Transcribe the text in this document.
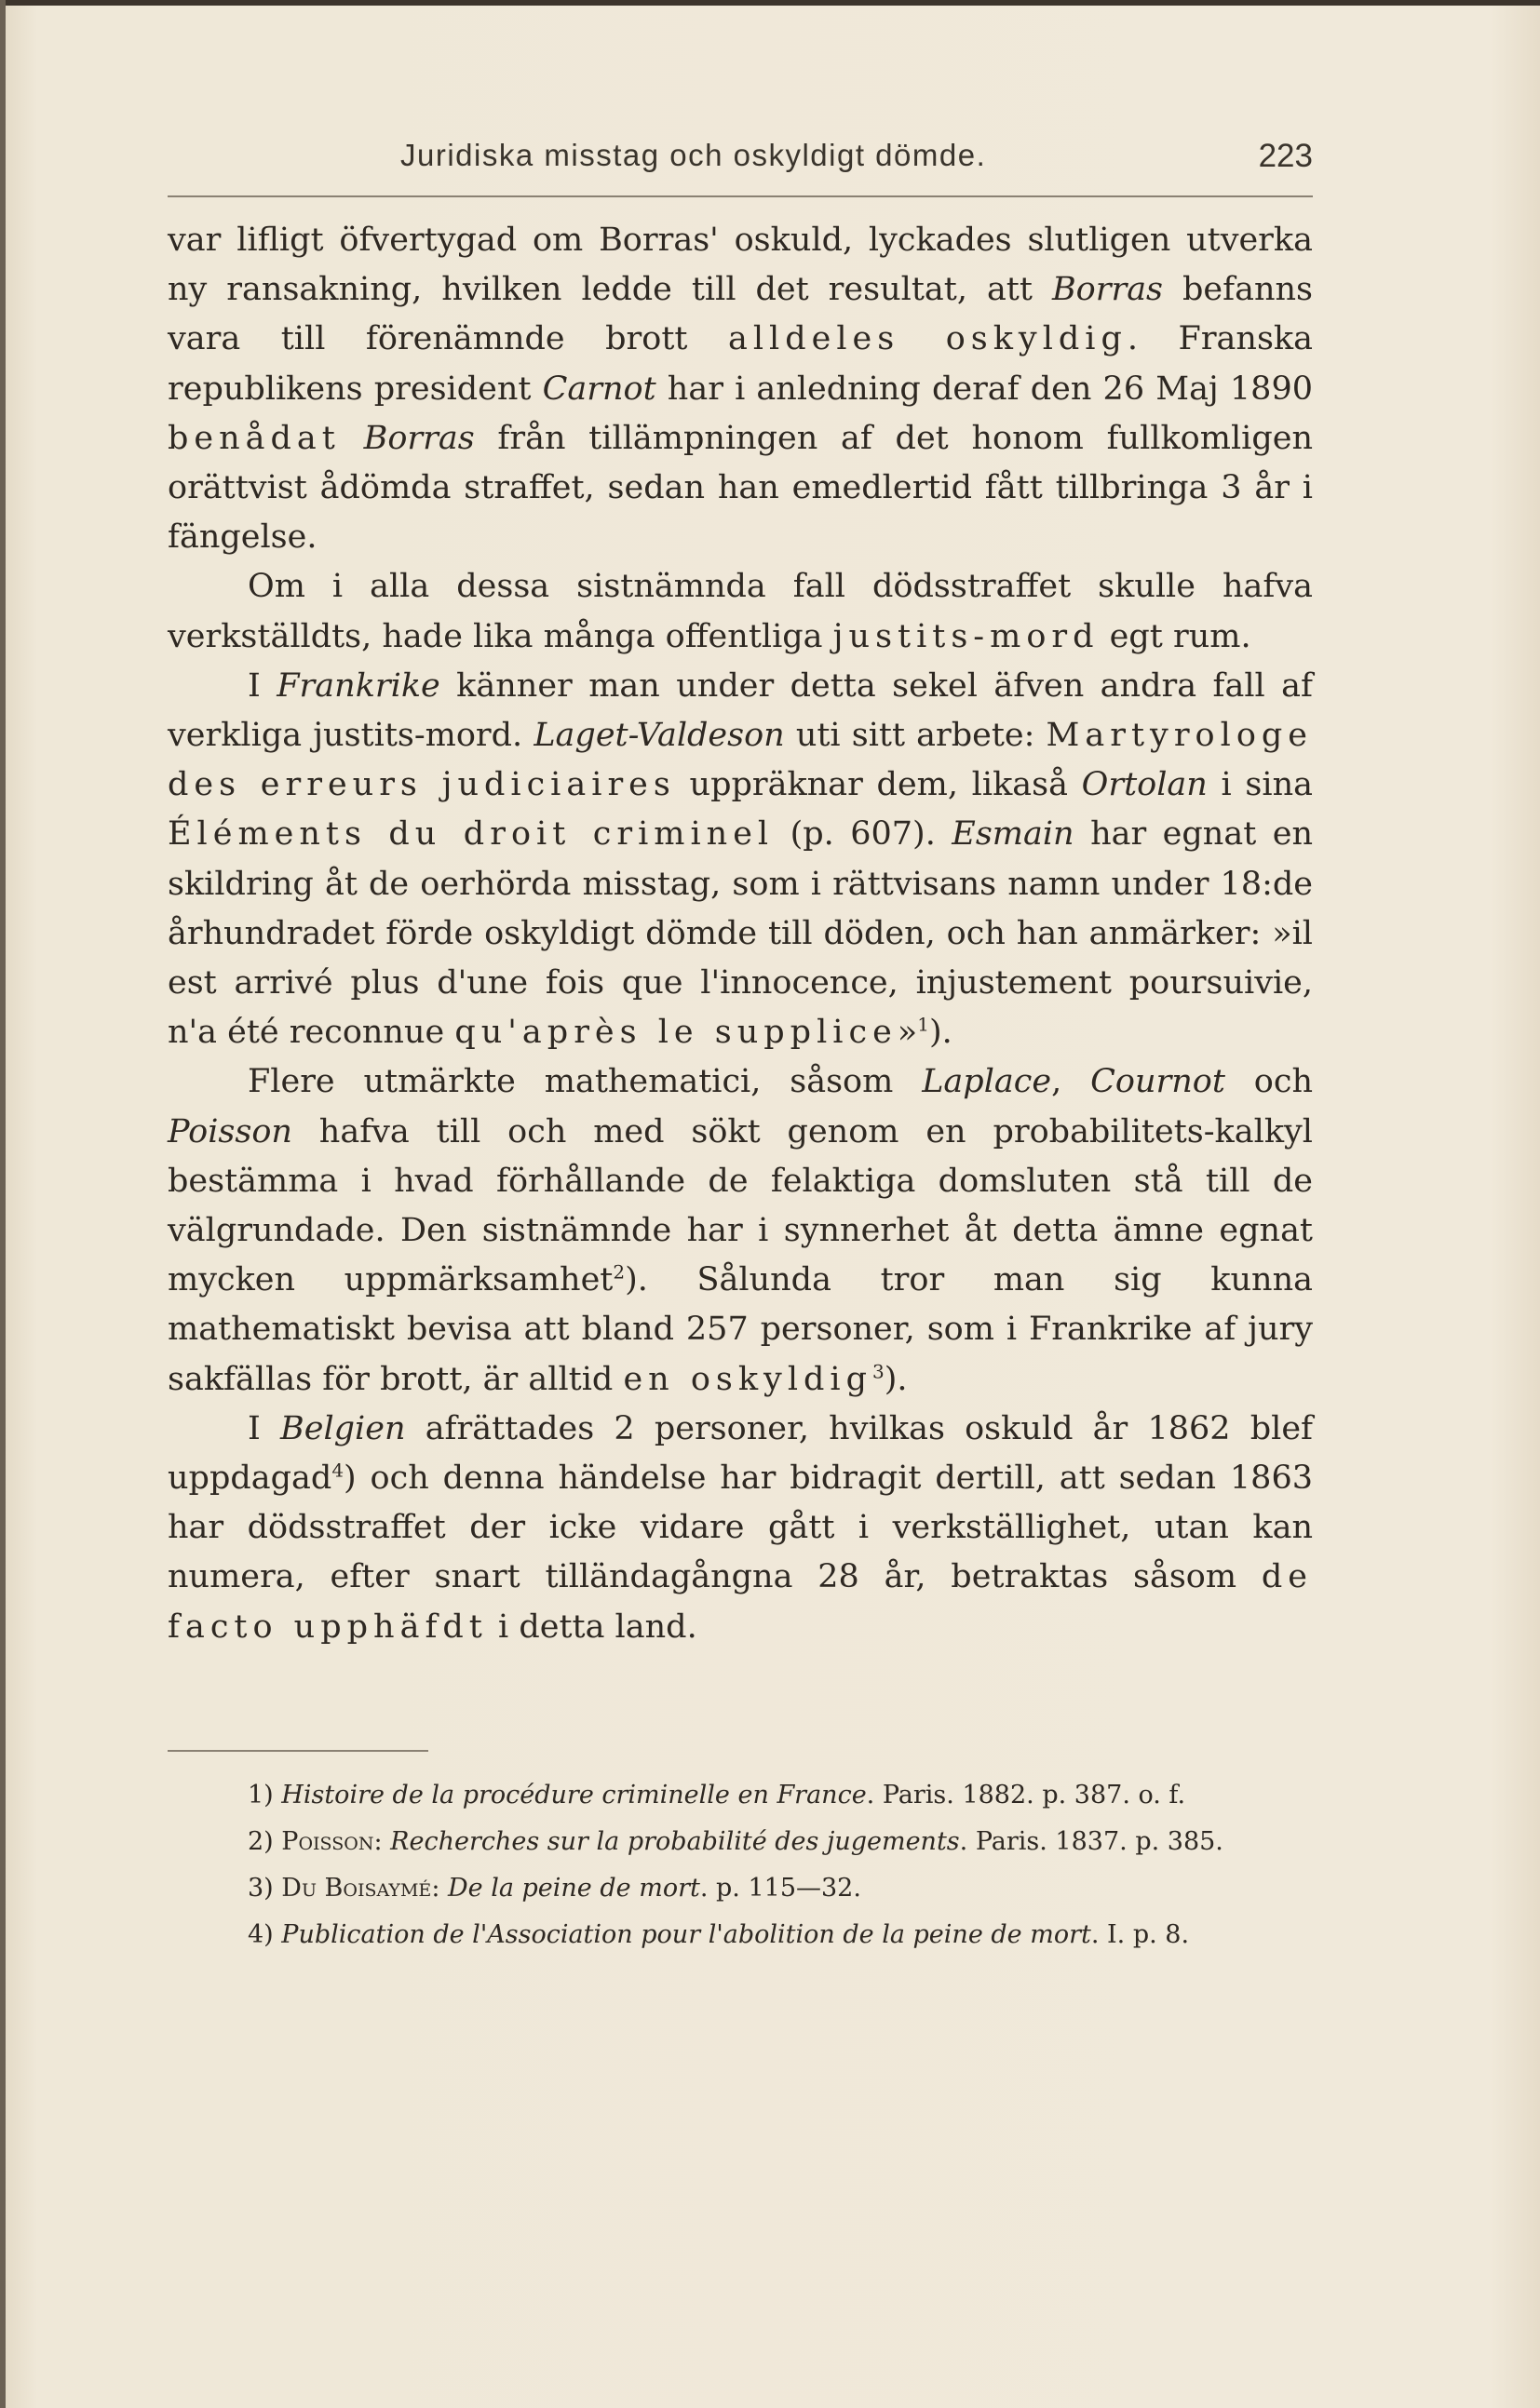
Juridiska misstag och oskyldigt dömde.	223

var lifligt öfvertygad om Borras' oskuld, lyckades slutligen utverka ny ransakning, hvilken ledde till det resultat, att Borras befanns vara till förenämnde brott alldeles oskyldig. Franska republikens president Carnot har i anledning deraf den 26 Maj 1890 benådat Borras från tillämpningen af det honom fullkomligen orättvist ådömda straffet, sedan han emedlertid fått tillbringa 3 år i fängelse.

Om i alla dessa sistnämnda fall dödsstraffet skulle hafva verkställdts, hade lika många offentliga justits-mord egt rum.

I Frankrike känner man under detta sekel äfven andra fall af verkliga justits-mord. Laget-Valdeson uti sitt arbete: Martyrologe des erreurs judiciaires uppräknar dem, likaså Ortolan i sina Éléments du droit criminel (p. 607). Esmain har egnat en skildring åt de oerhörda misstag, som i rättvisans namn under 18:de århundradet förde oskyldigt dömde till döden, och han anmärker: »il est arrivé plus d'une fois que l'innocence, injustement poursuivie, n'a été reconnue qu'après le supplice»$^1$).

Flere utmärkte mathematici, såsom Laplace, Cournot och Poisson hafva till och med sökt genom en probabilitets-kalkyl bestämma i hvad förhållande de felaktiga domsluten stå till de välgrundade. Den sistnämnde har i synnerhet åt detta ämne egnat mycken uppmärksamhet$^2$). Sålunda tror man sig kunna mathematiskt bevisa att bland 257 personer, som i Frankrike af jury sakfällas för brott, är alltid en oskyldig$^3$).

I Belgien afrättades 2 personer, hvilkas oskuld år 1862 blef uppdagad$^4$) och denna händelse har bidragit dertill, att sedan 1863 har dödsstraffet der icke vidare gått i verkställighet, utan kan numera, efter snart tilländagångna 28 år, betraktas såsom de facto upphäfdt i detta land.

1) Histoire de la procédure criminelle en France. Paris. 1882. p. 387. o. f.

2) Poisson: Recherches sur la probabilité des jugements. Paris. 1837. p. 385.

3) Du Boisaymé: De la peine de mort. p. 115—32.

4) Publication de l'Association pour l'abolition de la peine de mort. I. p. 8.
